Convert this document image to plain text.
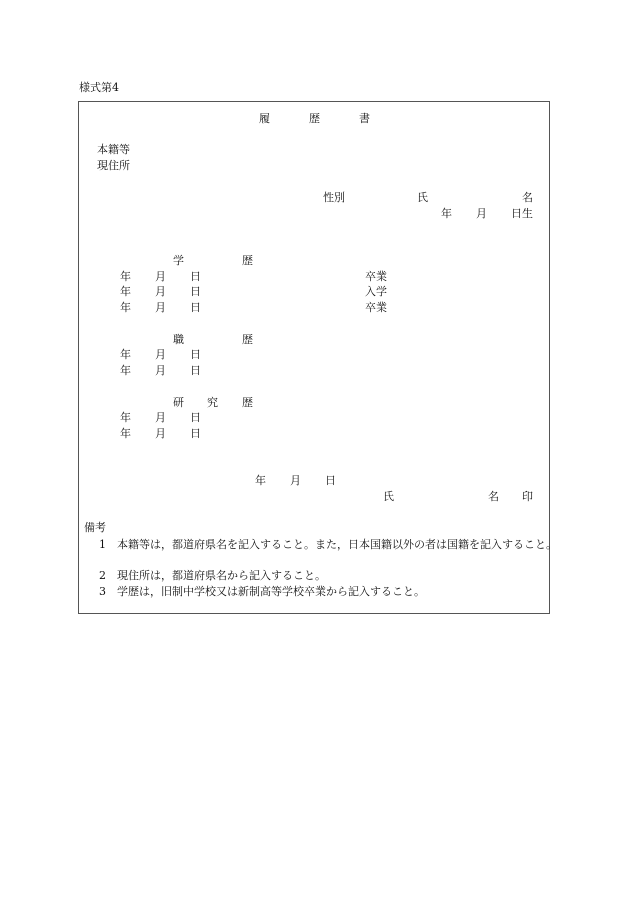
様式第4
履	歴	書
本籍等
現住所
性別	氏	名
年 月 日生
学	歴
年 月 日	卒業
年 月 日	入学
年 月 日	卒業
職	歴
年 月 日
年 月 日
研 究 歴
年 月 日
年 月 日
年 月 日
氏	名 印
備考
1 本籍等は，都道府県名を記入すること。また，日本国籍以外の者は国籍を記入すること。
2 現住所は，都道府県名から記入すること。
3 学歴は，旧制中学校又は新制高等学校卒業から記入すること。
